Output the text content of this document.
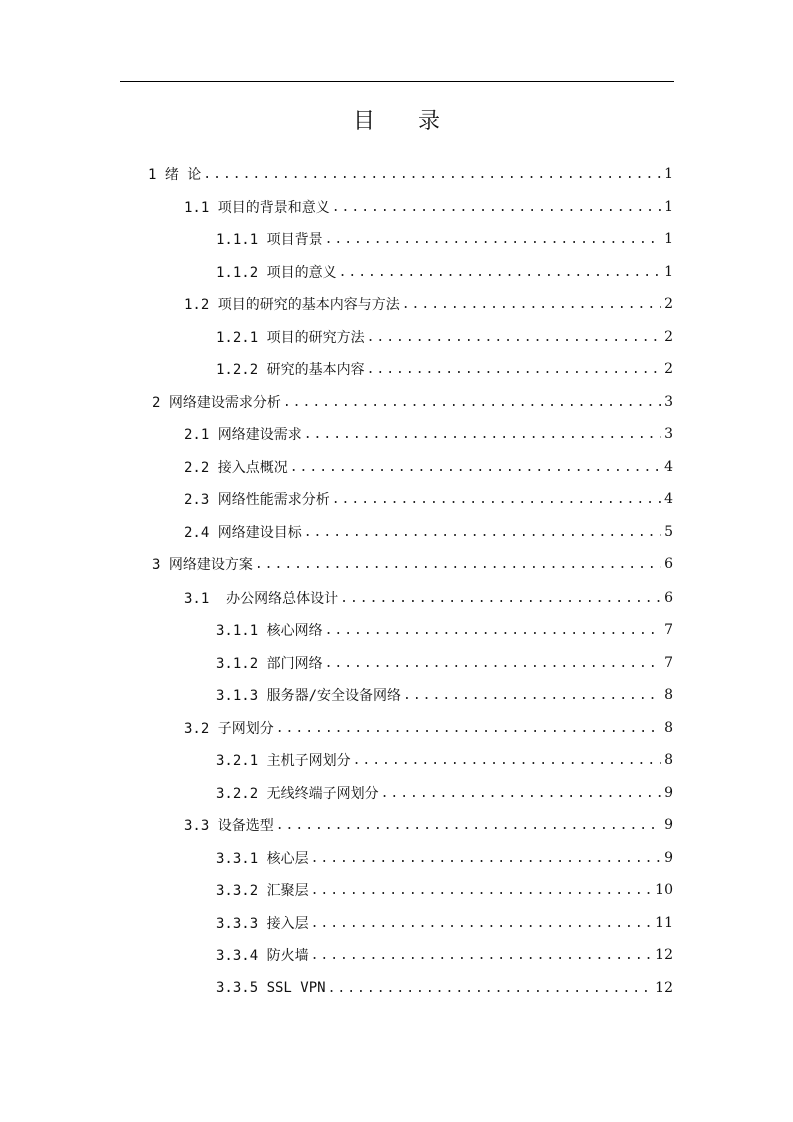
目 录
1 绪 论 .....	1
1.1 项目的背景和意义 .....	1
1.1.1 项目背景 .....	1
1.1.2 项目的意义 .....	1
1.2 项目的研究的基本内容与方法 .....	2
1.2.1 项目的研究方法 .....	2
1.2.2 研究的基本内容 .....	2
2 网络建设需求分析 .....	3
2.1 网络建设需求 .....	3
2.2 接入点概况 .....	4
2.3 网络性能需求分析 .....	4
2.4 网络建设目标 .....	5
3 网络建设方案 .....	6
3.1  办公网络总体设计 .....	6
3.1.1 核心网络 .....	7
3.1.2 部门网络 .....	7
3.1.3 服务器/安全设备网络 .....	8
3.2 子网划分 .....	8
3.2.1 主机子网划分 .....	8
3.2.2 无线终端子网划分 .....	9
3.3 设备选型 .....	9
3.3.1 核心层 .....	9
3.3.2 汇聚层 .....	10
3.3.3 接入层 .....	11
3.3.4 防火墙 .....	12
3.3.5 SSL VPN .....	12
